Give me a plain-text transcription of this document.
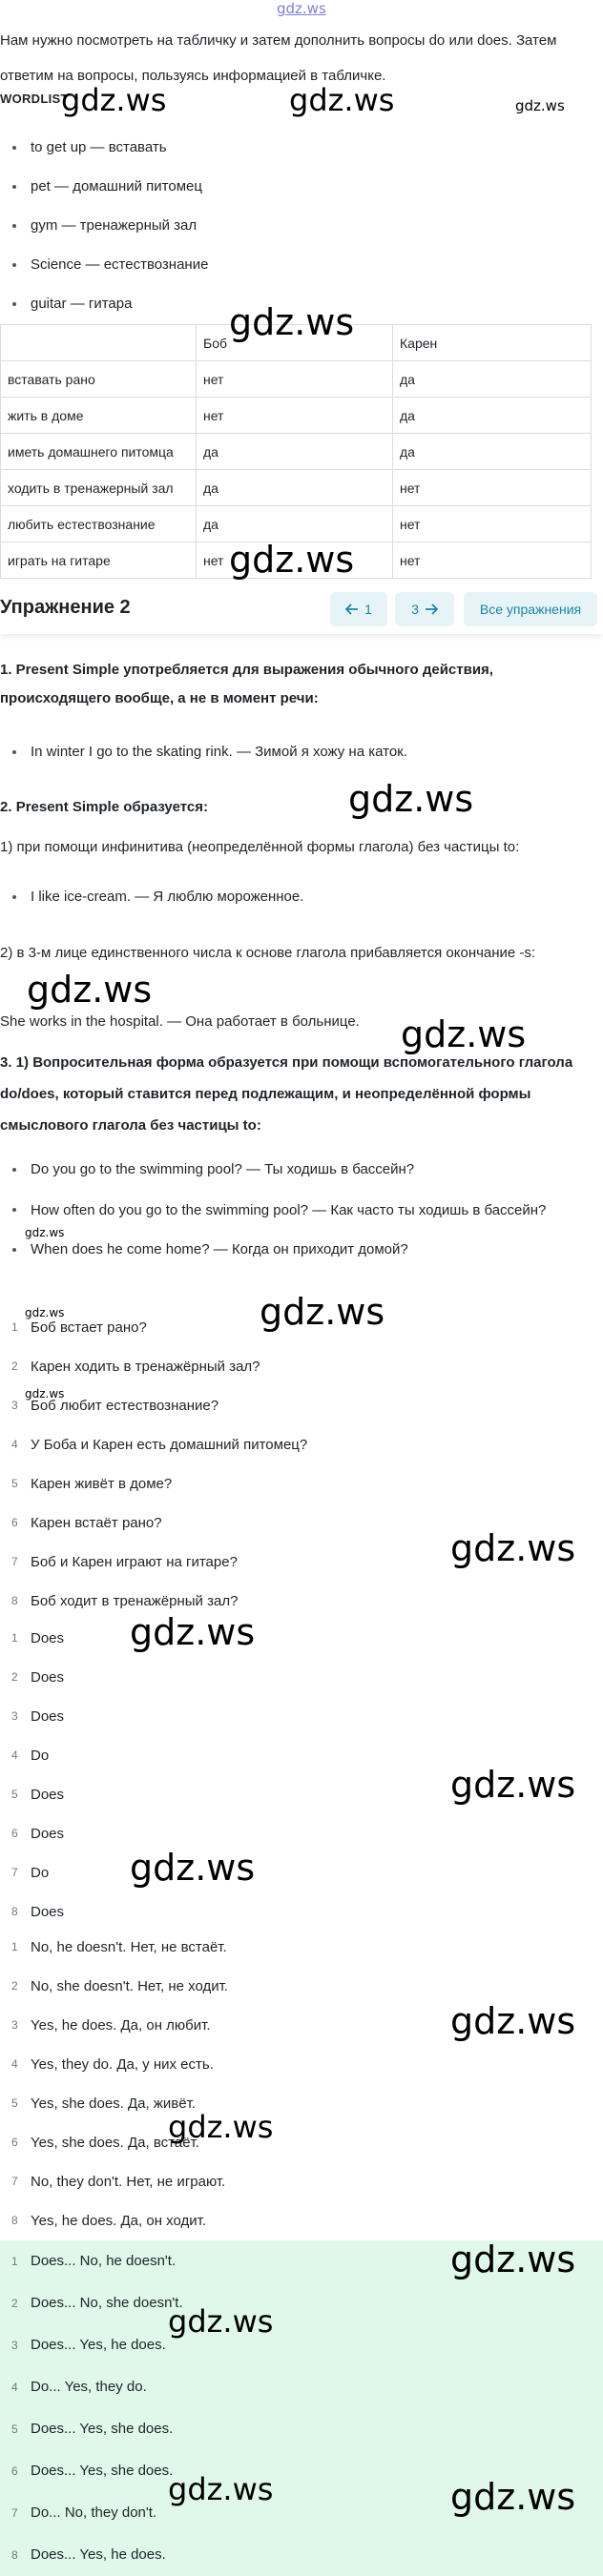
gdz.ws
Нам нужно посмотреть на табличку и затем дополнить вопросы do или does. Затем ответим на вопросы, пользуясь информацией в табличке.
WORDLIST
to get up — вставать
pet — домашний питомец
gym — тренажерный зал
Science — естествознание
guitar — гитара
	Боб	Карен
вставать рано	нет	да
жить в доме	нет	да
иметь домашнего питомца	да	да
ходить в тренажерный зал	да	нет
любить естествознание	да	нет
играть на гитаре	нет	нет
Упражнение 2	1	3	Все упражнения
1. Present Simple употребляется для выражения обычного действия, происходящего вообще, а не в момент речи:
In winter I go to the skating rink. — Зимой я хожу на каток.
2. Present Simple образуется:
1) при помощи инфинитива (неопределённой формы глагола) без частицы to:
I like ice-cream. — Я люблю мороженное.
2) в 3-м лице единственного числа к основе глагола прибавляется окончание -s:
She works in the hospital. — Она работает в больнице.
3. 1) Вопросительная форма образуется при помощи вспомогательного глагола do/does, который ставится перед подлежащим, и неопределённой формы смыслового глагола без частицы to:
Do you go to the swimming pool? — Ты ходишь в бассейн?
How often do you go to the swimming pool? — Как часто ты ходишь в бассейн?
When does he come home? — Когда он приходит домой?
1 Боб встает рано?
2 Карен ходить в тренажёрный зал?
3 Боб любит естествознание?
4 У Боба и Карен есть домашний питомец?
5 Карен живёт в доме?
6 Карен встаёт рано?
7 Боб и Карен играют на гитаре?
8 Боб ходит в тренажёрный зал?
1 Does
2 Does
3 Does
4 Do
5 Does
6 Does
7 Do
8 Does
1 No, he doesn't. Нет, не встаёт.
2 No, she doesn't. Нет, не ходит.
3 Yes, he does. Да, он любит.
4 Yes, they do. Да, у них есть.
5 Yes, she does. Да, живёт.
6 Yes, she does. Да, встаёт.
7 No, they don't. Нет, не играют.
8 Yes, he does. Да, он ходит.
1 Does... No, he doesn't.
2 Does... No, she doesn't.
3 Does... Yes, he does.
4 Do... Yes, they do.
5 Does... Yes, she does.
6 Does... Yes, she does.
7 Do... No, they don't.
8 Does... Yes, he does.
gdz.ws	gdz.ws	gdz.ws
gdz.ws
gdz.ws
gdz.ws
gdz.ws
gdz.ws
gdz.ws
gdz.ws	gdz.ws
gdz.ws
gdz.ws
gdz.ws
gdz.ws
gdz.ws
gdz.ws
gdz.ws
gdz.ws
gdz.ws
gdz.ws	gdz.ws
